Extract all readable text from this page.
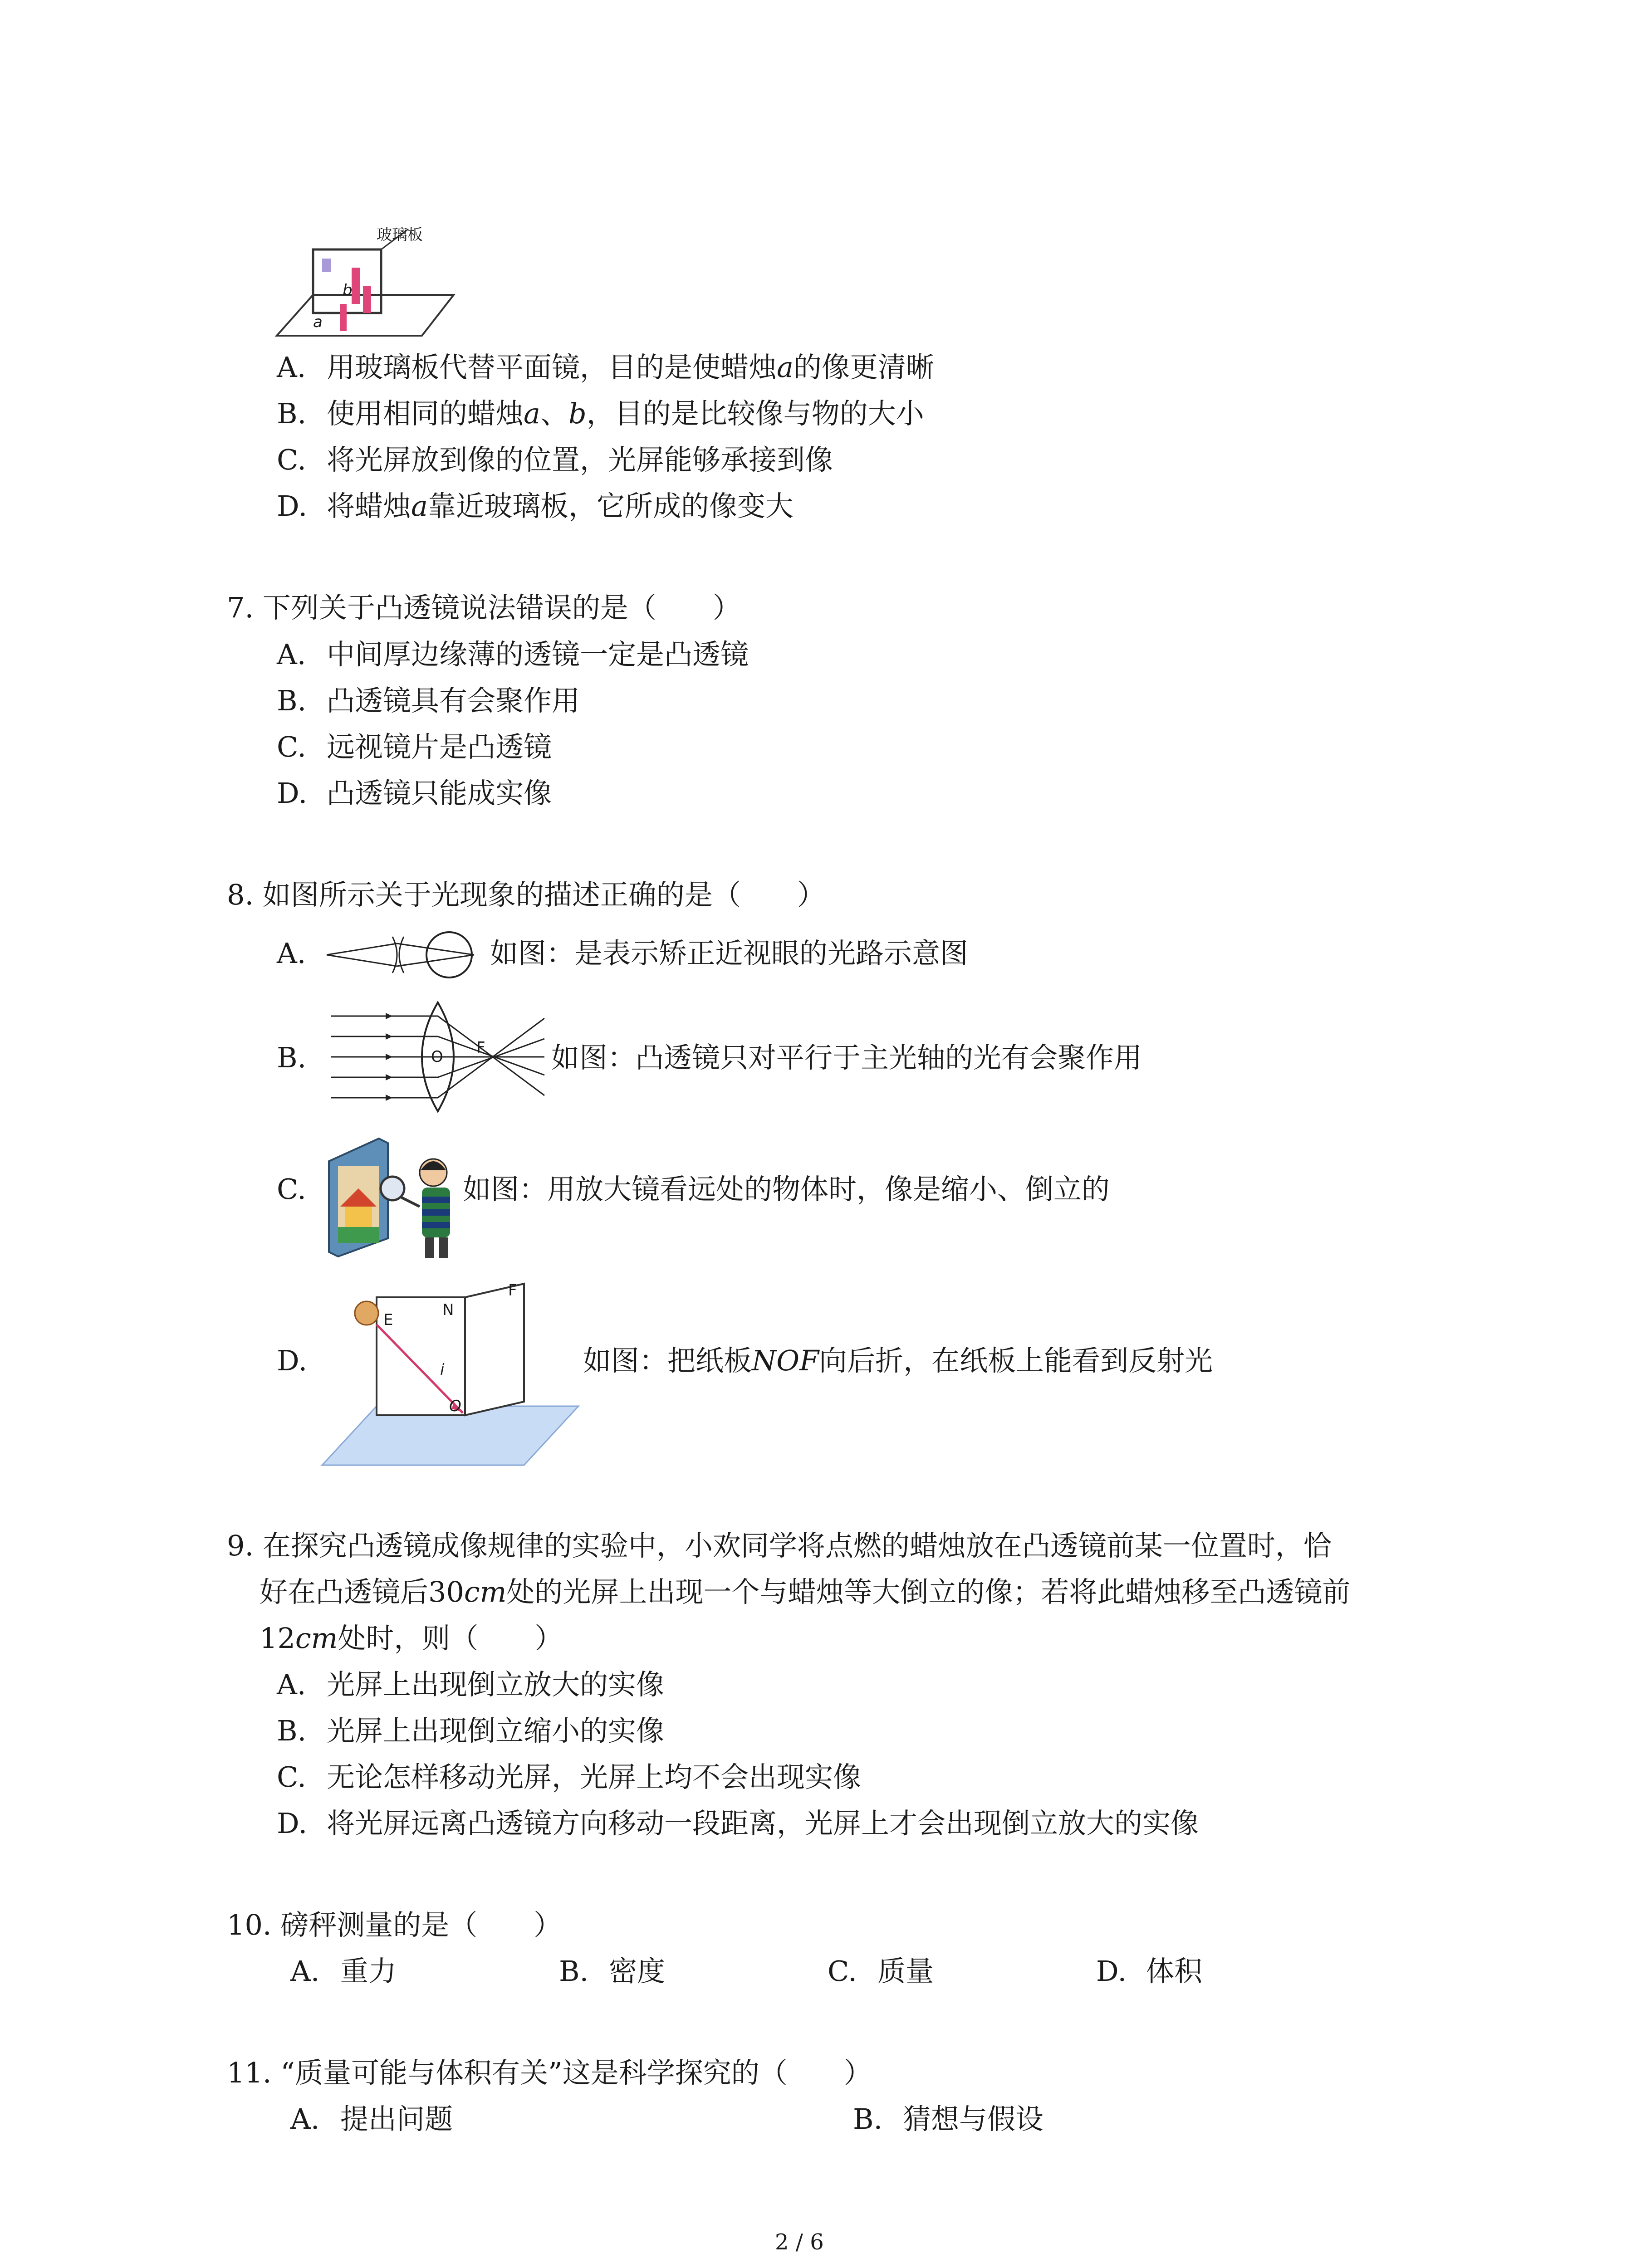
玻璃板
a
b
A. 用玻璃板代替平面镜，目的是使蜡烛a的像更清晰
B. 使用相同的蜡烛a、b，目的是比较像与物的大小
C. 将光屏放到像的位置，光屏能够承接到像
D. 将蜡烛a靠近玻璃板，它所成的像变大
7. 下列关于凸透镜说法错误的是（　　）
A. 中间厚边缘薄的透镜一定是凸透镜
B. 凸透镜具有会聚作用
C. 远视镜片是凸透镜
D. 凸透镜只能成实像
8. 如图所示关于光现象的描述正确的是（　　）
A.	如图：是表示矫正近视眼的光路示意图
B.	O F 如图：凸透镜只对平行于主光轴的光有会聚作用
C.	如图：用放大镜看远处的物体时，像是缩小、倒立的
D.
E
N
F
i
O
如图：把纸板NOF向后折，在纸板上能看到反射光
9. 在探究凸透镜成像规律的实验中，小欢同学将点燃的蜡烛放在凸透镜前某一位置时，恰
好在凸透镜后30cm处的光屏上出现一个与蜡烛等大倒立的像；若将此蜡烛移至凸透镜前
12cm处时，则（　　）
A. 光屏上出现倒立放大的实像
B. 光屏上出现倒立缩小的实像
C. 无论怎样移动光屏，光屏上均不会出现实像
D. 将光屏远离凸透镜方向移动一段距离，光屏上才会出现倒立放大的实像
10. 磅秤测量的是（　　）
A. 重力	B. 密度	C. 质量	D. 体积
11. “质量可能与体积有关”这是科学探究的（　　）
A. 提出问题	B. 猜想与假设
2 / 6
